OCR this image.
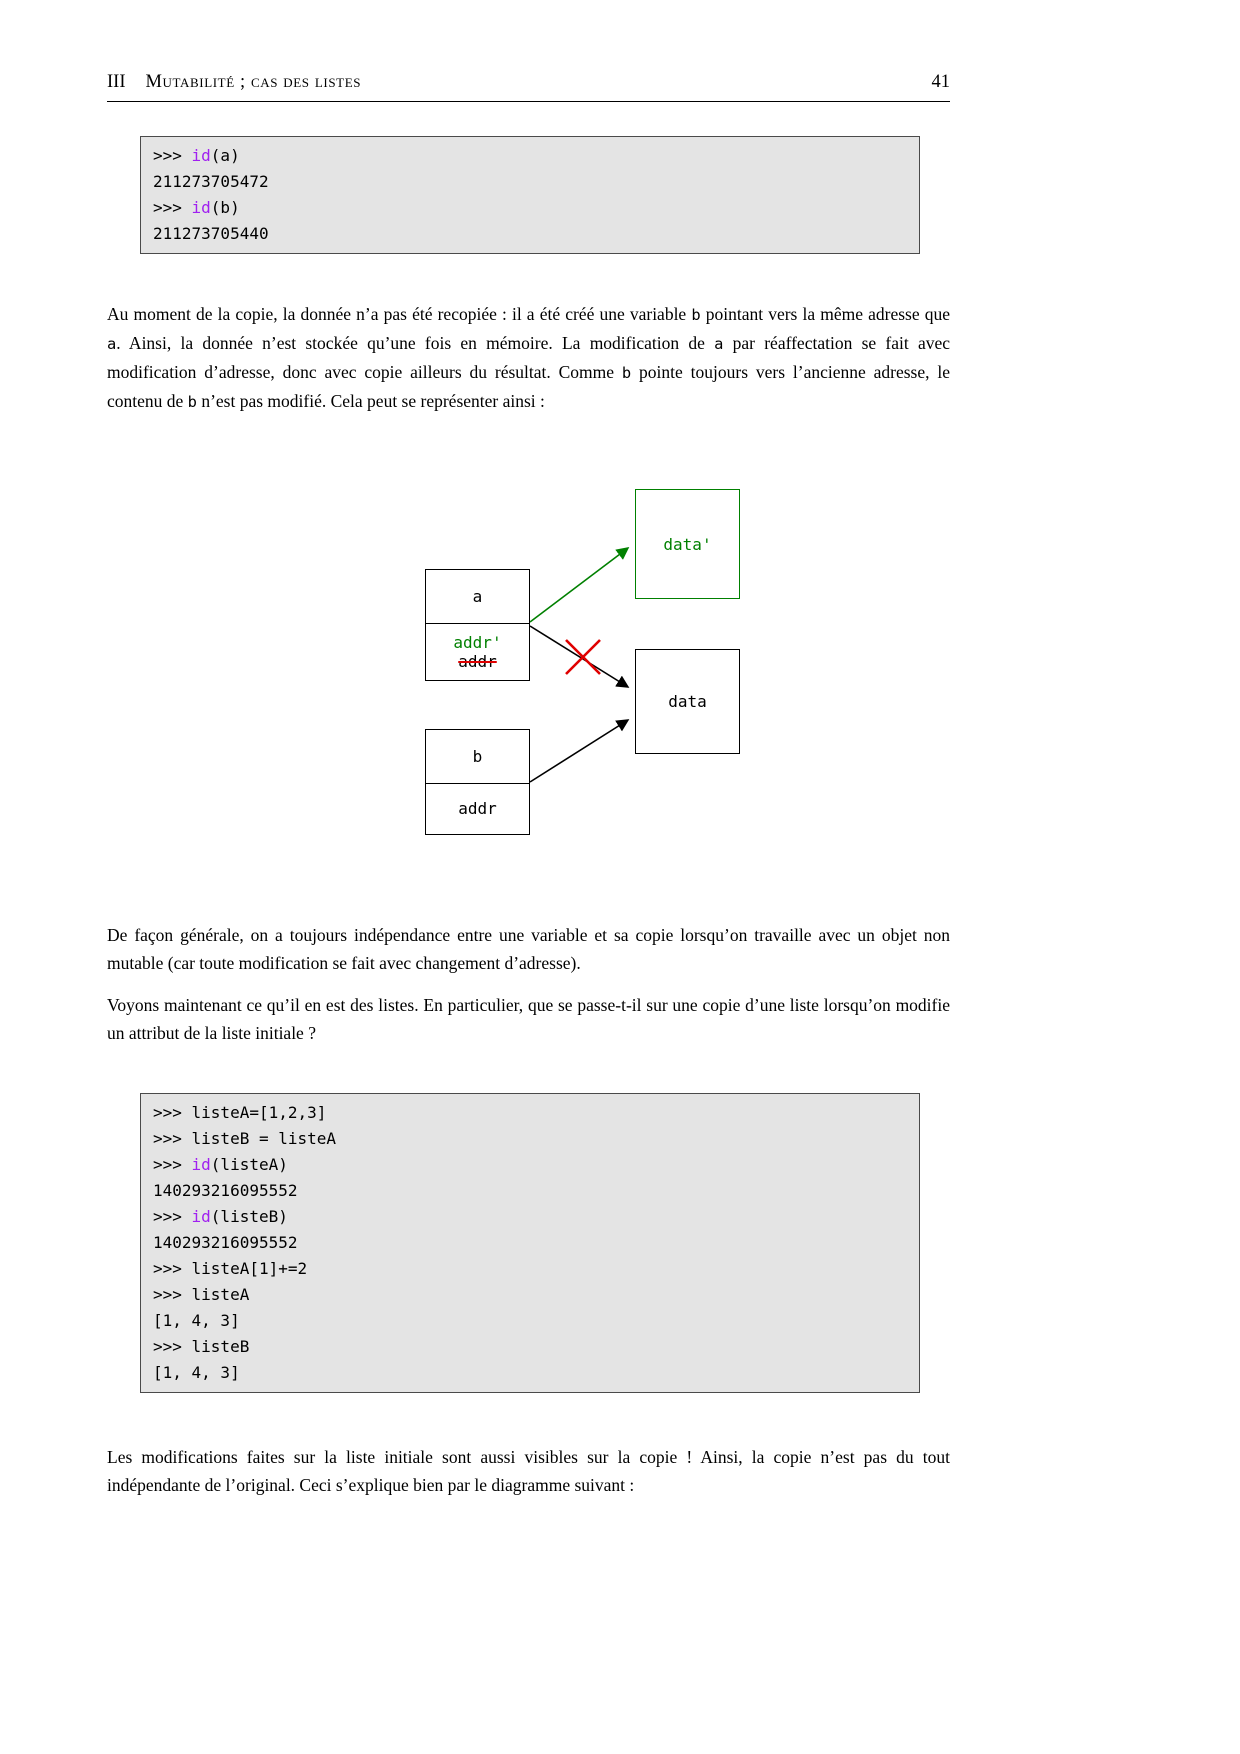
III Mutabilité ; cas des listes	41
>>> id(a)
211273705472
>>> id(b)
211273705440

Au moment de la copie, la donnée n’a pas été recopiée : il a été créé une variable b pointant vers la même adresse que a. Ainsi, la donnée n’est stockée qu’une fois en mémoire. La modification de a par réaffectation se fait avec modification d’adresse, donc avec copie ailleurs du résultat. Comme b pointe toujours vers l’ancienne adresse, le contenu de b n’est pas modifié. Cela peut se représenter ainsi :

a
addr'
addr
data'
data
b
addr

De façon générale, on a toujours indépendance entre une variable et sa copie lorsqu’on travaille avec un objet non mutable (car toute modification se fait avec changement d’adresse).

Voyons maintenant ce qu’il en est des listes. En particulier, que se passe-t-il sur une copie d’une liste lorsqu’on modifie un attribut de la liste initiale ?

>>> listeA=[1,2,3]
>>> listeB = listeA
>>> id(listeA)
140293216095552
>>> id(listeB)
140293216095552
>>> listeA[1]+=2
>>> listeA
[1, 4, 3]
>>> listeB
[1, 4, 3]

Les modifications faites sur la liste initiale sont aussi visibles sur la copie ! Ainsi, la copie n’est pas du tout indépendante de l’original. Ceci s’explique bien par le diagramme suivant :
